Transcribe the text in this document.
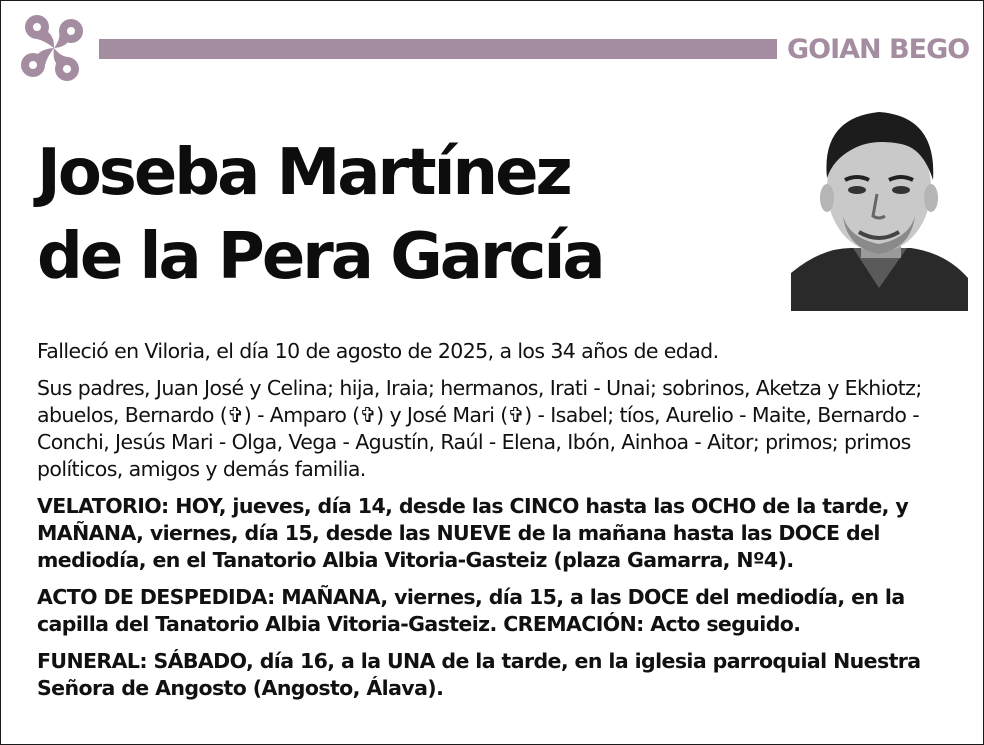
GOIAN BEGO
Joseba Martínez
de la Pera García

Falleció en Viloria, el día 10 de agosto de 2025, a los 34 años de edad.

Sus padres, Juan José y Celina; hija, Iraia; hermanos, Irati - Unai; sobrinos, Aketza y Ekhiotz; abuelos, Bernardo (✞) - Amparo (✞) y José Mari (✞) - Isabel; tíos, Aurelio - Maite, Bernardo - Conchi, Jesús Mari - Olga, Vega - Agustín, Raúl - Elena, Ibón, Ainhoa - Aitor; primos; primos políticos, amigos y demás familia.

VELATORIO: HOY, jueves, día 14, desde las CINCO hasta las OCHO de la tarde, y MAÑANA, viernes, día 15, desde las NUEVE de la mañana hasta las DOCE del mediodía, en el Tanatorio Albia Vitoria-Gasteiz (plaza Gamarra, Nº4).

ACTO DE DESPEDIDA: MAÑANA, viernes, día 15, a las DOCE del mediodía, en la capilla del Tanatorio Albia Vitoria-Gasteiz. CREMACIÓN: Acto seguido.

FUNERAL: SÁBADO, día 16, a la UNA de la tarde, en la iglesia parroquial Nuestra Señora de Angosto (Angosto, Álava).
